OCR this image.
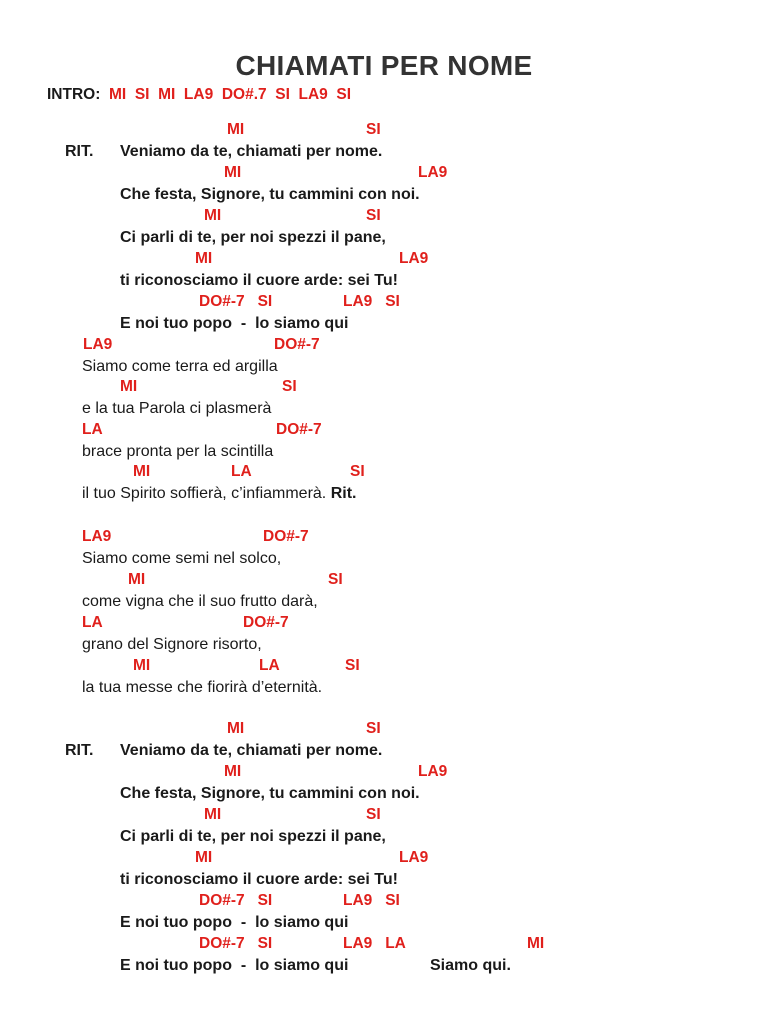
CHIAMATI PER NOME
INTRO: MI  SI  MI  LA9  DO#.7  SI  LA9  SI
MI	SI
RIT. Veniamo da te, chiamati per nome.
MI	LA9
Che festa, Signore, tu cammini con noi.
MI	SI
Ci parli di te, per noi spezzi il pane,
MI	LA9
ti riconosciamo il cuore arde: sei Tu!
DO#-7   SI	LA9   SI
E noi tuo popo  -  lo siamo qui
LA9	DO#-7
Siamo come terra ed argilla
MI	SI
e la tua Parola ci plasmerà
LA	DO#-7
brace pronta per la scintilla
MI	LA	SI
il tuo Spirito soffierà, c’infiammerà. Rit.
LA9	DO#-7
Siamo come semi nel solco,
MI	SI
come vigna che il suo frutto darà,
LA	DO#-7
grano del Signore risorto,
MI	LA	SI
la tua messe che fiorirà d’eternità.
MI	SI
RIT. Veniamo da te, chiamati per nome.
MI	LA9
Che festa, Signore, tu cammini con noi.
MI	SI
Ci parli di te, per noi spezzi il pane,
MI	LA9
ti riconosciamo il cuore arde: sei Tu!
DO#-7   SI	LA9   SI
E noi tuo popo  -  lo siamo qui
DO#-7   SI	LA9   LA	MI
E noi tuo popo  -  lo siamo qui	Siamo qui.
